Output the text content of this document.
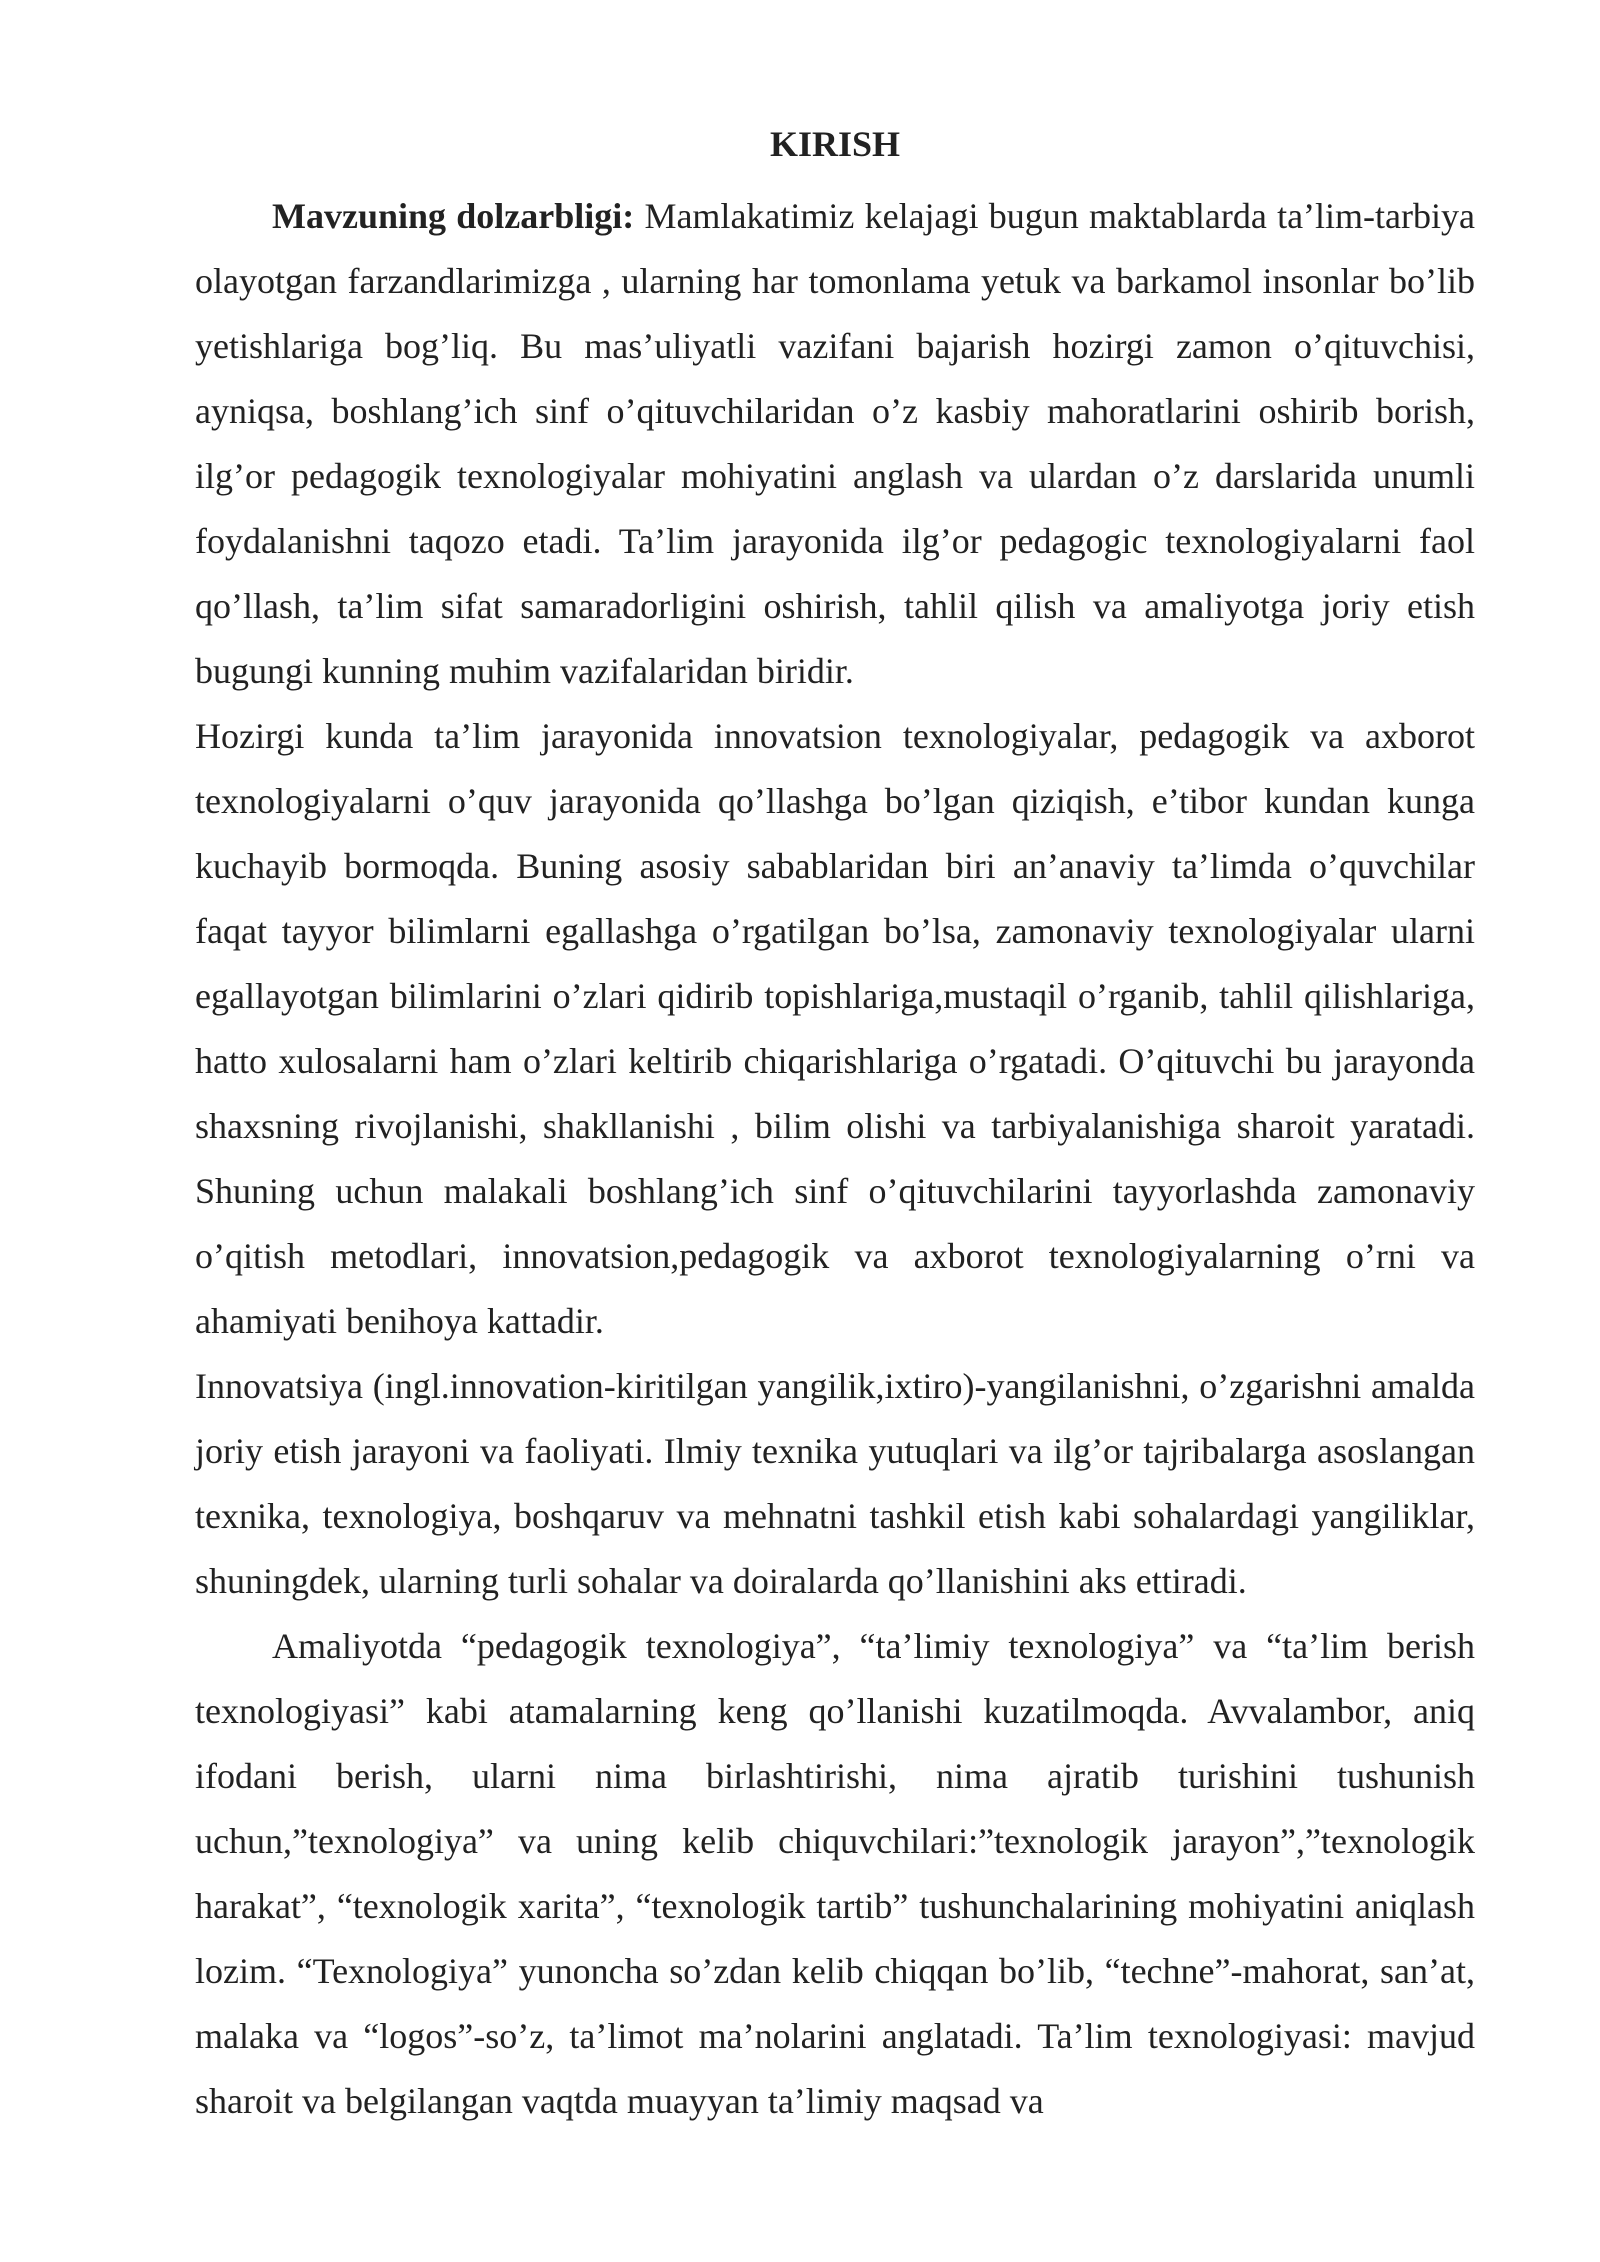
KIRISH

Mavzuning dolzarbligi: Mamlakatimiz kelajagi bugun maktablarda ta’lim-tarbiya olayotgan farzandlarimizga , ularning har tomonlama yetuk va barkamol insonlar bo’lib yetishlariga bog’liq. Bu mas’uliyatli vazifani bajarish hozirgi zamon o’qituvchisi, ayniqsa, boshlang’ich sinf o’qituvchilaridan o’z kasbiy mahoratlarini oshirib borish, ilg’or pedagogik texnologiyalar mohiyatini anglash va ulardan o’z darslarida unumli foydalanishni taqozo etadi. Ta’lim jarayonida ilg’or pedagogic texnologiyalarni faol qo’llash, ta’lim sifat samaradorligini oshirish, tahlil qilish va amaliyotga joriy etish bugungi kunning muhim vazifalaridan biridir.

Hozirgi kunda ta’lim jarayonida innovatsion texnologiyalar, pedagogik va axborot texnologiyalarni o’quv jarayonida qo’llashga bo’lgan qiziqish, e’tibor kundan kunga kuchayib bormoqda. Buning asosiy sabablaridan biri an’anaviy ta’limda o’quvchilar faqat tayyor bilimlarni egallashga o’rgatilgan bo’lsa, zamonaviy texnologiyalar ularni egallayotgan bilimlarini o’zlari qidirib topishlariga,mustaqil o’rganib, tahlil qilishlariga, hatto xulosalarni ham o’zlari keltirib chiqarishlariga o’rgatadi. O’qituvchi bu jarayonda shaxsning rivojlanishi, shakllanishi , bilim olishi va tarbiyalanishiga sharoit yaratadi. Shuning uchun malakali boshlang’ich sinf o’qituvchilarini tayyorlashda zamonaviy o’qitish metodlari, innovatsion,pedagogik va axborot texnologiyalarning o’rni va ahamiyati benihoya kattadir.

Innovatsiya (ingl.innovation-kiritilgan yangilik,ixtiro)-yangilanishni, o’zgarishni amalda joriy etish jarayoni va faoliyati. Ilmiy texnika yutuqlari va ilg’or tajribalarga asoslangan texnika, texnologiya, boshqaruv va mehnatni tashkil etish kabi sohalardagi yangiliklar, shuningdek, ularning turli sohalar va doiralarda qo’llanishini aks ettiradi.

Amaliyotda “pedagogik texnologiya”, “ta’limiy texnologiya” va “ta’lim berish texnologiyasi” kabi atamalarning keng qo’llanishi kuzatilmoqda. Avvalambor, aniq ifodani berish, ularni nima birlashtirishi, nima ajratib turishini tushunish uchun,”texnologiya” va uning kelib chiquvchilari:”texnologik jarayon”,”texnologik harakat”, “texnologik xarita”, “texnologik tartib” tushunchalarining mohiyatini aniqlash lozim. “Texnologiya” yunoncha so’zdan kelib chiqqan bo’lib, “techne”-mahorat, san’at, malaka va “logos”-so’z, ta’limot ma’nolarini anglatadi. Ta’lim texnologiyasi: mavjud sharoit va belgilangan vaqtda muayyan ta’limiy maqsad va
